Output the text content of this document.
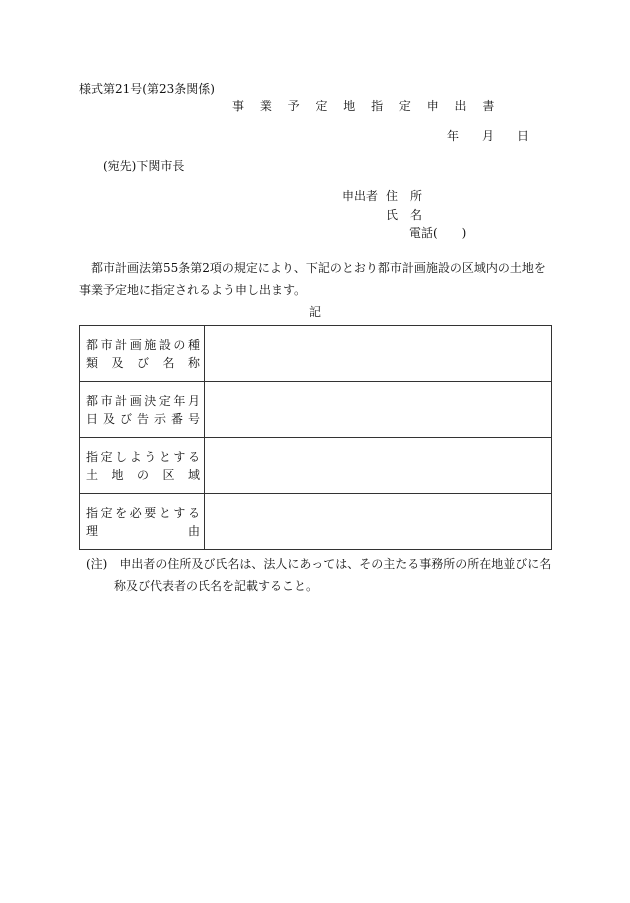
様式第21号(第23条関係)
事 業 予 定 地 指 定 申 出 書
年 月 日
(宛先)下関市長
申出者 住　所
氏　名
電話(　　)
都市計画法第55条第2項の規定により、下記のとおり都市計画施設の区域内の土地を事業予定地に指定されるよう申し出ます。
記
都市計画施設の種
類 及 び 名 称	

都市計画決定年月
日及び告示番号	

指定しようとする
土 地 の 区 域	

指定を必要とする
理　　由	

(注)　申出者の住所及び氏名は、法人にあっては、その主たる事務所の所在地並びに名
称及び代表者の氏名を記載すること。
